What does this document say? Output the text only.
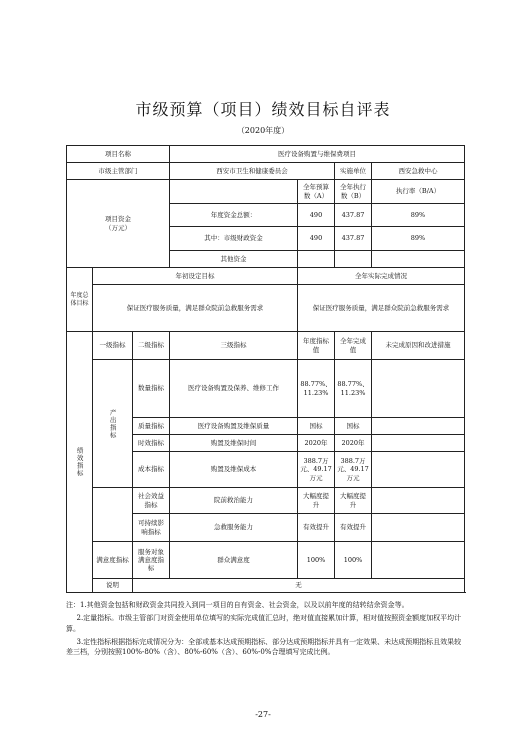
市级预算（项目）绩效目标自评表
（2020年度）
项目名称			医疗设备购置与维保费项目			
市级主管部门			西安市卫生和健康委员会		实施单位	西安急救中心
项目资金
（万元）				全年预算数（A）	全年执行数（B）	执行率（B/A）
			年度资金总额：	490	437.87	89%
			其中：市级财政资金	490	437.87	89%
			其他资金			
年度总体目标	年初设定目标			全年实际完成情况		
	保证医疗服务质量，满足群众院前急救服务需求			保证医疗服务质量，满足群众院前急救服务需求		
绩效指标	一级指标	二级指标	三级指标	年度指标值	全年完成值	未完成原因和改进措施
	产出指标	数量指标	医疗设备购置及保养、维修工作	88.77%、11.23%	88.77%、11.23%	
		质量指标	医疗设备购置及维保质量	国标	国标	
		时效指标	购置及维保时间	2020年	2020年	
		成本指标	购置及维保成本	388.7万元、49.17万元	388.7万元、49.17万元	
		社会效益指标	院前救治能力	大幅度提升	大幅度提升	
		可持续影响指标	急救服务能力	有效提升	有效提升	
	满意度指标	服务对象满意度指标	群众满意度	100%	100%	
	说明	无				

注：1.其他资金包括和财政资金共同投入到同一项目的自有资金、社会资金，以及以前年度的结转结余资金等。

2.定量指标。市级主管部门对资金使用单位填写的实际完成值汇总时，绝对值直接累加计算，相对值按照资金额度加权平均计算。

3.定性指标根据指标完成情况分为：全部或基本达成预期指标、部分达成预期指标并具有一定效果、未达成预期指标且效果较差三档，分别按照100%-80%（含）、80%-60%（含）、60%-0%合理填写完成比例。

-27-
